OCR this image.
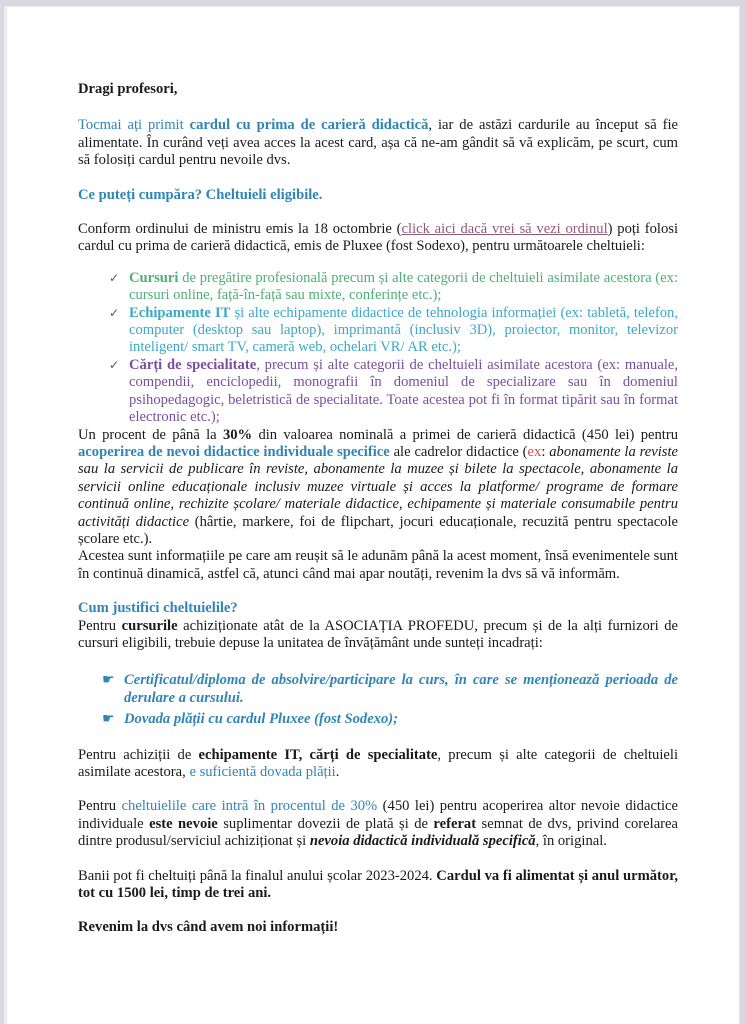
Dragi profesori,

Tocmai ați primit cardul cu prima de carieră didactică, iar de astăzi cardurile au început să fie alimentate. În curând veți avea acces la acest card, așa că ne-am gândit să vă explicăm, pe scurt, cum să folosiți cardul pentru nevoile dvs.

Ce puteți cumpăra? Cheltuieli eligibile.

Conform ordinului de ministru emis la 18 octombrie (click aici dacă vrei să vezi ordinul) poți folosi cardul cu prima de carieră didactică, emis de Pluxee (fost Sodexo), pentru următoarele cheltuieli:

✓ Cursuri de pregătire profesională precum și alte categorii de cheltuieli asimilate acestora (ex: cursuri online, față-în-față sau mixte, conferințe etc.);
✓ Echipamente IT și alte echipamente didactice de tehnologia informației (ex: tabletă, telefon, computer (desktop sau laptop), imprimantă (inclusiv 3D), proiector, monitor, televizor inteligent/ smart TV, cameră web, ochelari VR/ AR etc.);
✓ Cărți de specialitate, precum și alte categorii de cheltuieli asimilate acestora (ex: manuale, compendii, enciclopedii, monografii în domeniul de specializare sau în domeniul psihopedagogic, beletristică de specialitate. Toate acestea pot fi în format tipărit sau în format electronic etc.);

Un procent de până la 30% din valoarea nominală a primei de carieră didactică (450 lei) pentru acoperirea de nevoi didactice individuale specifice ale cadrelor didactice (ex: abonamente la reviste sau la servicii de publicare în reviste, abonamente la muzee și bilete la spectacole, abonamente la servicii online educaționale inclusiv muzee virtuale și acces la platforme/ programe de formare continuă online, rechizite școlare/ materiale didactice, echipamente și materiale consumabile pentru activități didactice (hârtie, markere, foi de flipchart, jocuri educaționale, recuzită pentru spectacole școlare etc.).

Acestea sunt informațiile pe care am reușit să le adunăm până la acest moment, însă evenimentele sunt în continuă dinamică, astfel că, atunci când mai apar noutăți, revenim la dvs să vă informăm.

Cum justifici cheltuielile?

Pentru cursurile achiziționate atât de la ASOCIAȚIA PROFEDU, precum și de la alți furnizori de cursuri eligibili, trebuie depuse la unitatea de învățământ unde sunteți incadrați:

☛ Certificatul/diploma de absolvire/participare la curs, în care se menționează perioada de derulare a cursului.
☛ Dovada plății cu cardul Pluxee (fost Sodexo);

Pentru achiziții de echipamente IT, cărți de specialitate, precum și alte categorii de cheltuieli asimilate acestora, e suficientă dovada plății.

Pentru cheltuielile care intră în procentul de 30% (450 lei) pentru acoperirea altor nevoie didactice individuale este nevoie suplimentar dovezii de plată și de referat semnat de dvs, privind corelarea dintre produsul/serviciul achiziționat și nevoia didactică individuală specifică, în original.

Banii pot fi cheltuiți până la finalul anului școlar 2023-2024. Cardul va fi alimentat și anul următor, tot cu 1500 lei, timp de trei ani.

Revenim la dvs când avem noi informații!
